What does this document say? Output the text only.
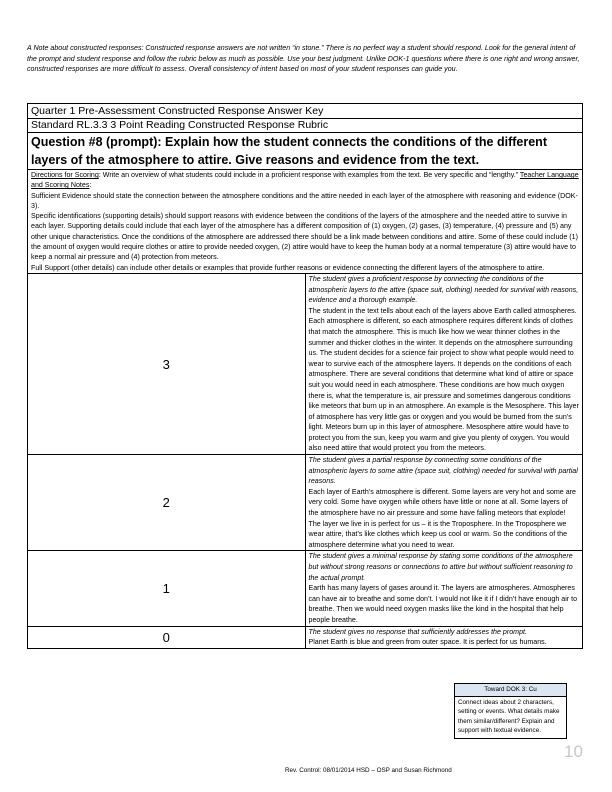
A Note about constructed responses: Constructed response answers are not written “in stone.” There is no perfect way a student should respond. Look for the general intent of the prompt and student response and follow the rubric below as much as possible. Use your best judgment. Unlike DOK-1 questions where there is one right and wrong answer, constructed responses are more difficult to assess. Overall consistency of intent based on most of your student responses can guide you.
Quarter 1 Pre-Assessment Constructed Response Answer Key	
Standard RL.3.3 3 Point Reading Constructed Response Rubric	
Question #8 (prompt): Explain how the student connects the conditions of the different layers of the atmosphere to attire. Give reasons and evidence from the text.	

Directions for Scoring: Write an overview of what students could include in a proficient response with examples from the text. Be very specific and “lengthy.” Teacher Language and Scoring Notes:
Sufficient Evidence should state the connection between the atmosphere conditions and the attire needed in each layer of the atmosphere with reasoning and evidence (DOK-3).
Specific identifications (supporting details) should support reasons with evidence between the conditions of the layers of the atmosphere and the needed attire to survive in each layer. Supporting details could include that each layer of the atmosphere has a different composition of (1) oxygen, (2) gases, (3) temperature, (4) pressure and (5) any other unique characteristics. Once the conditions of the atmosphere are addressed there should be a link made between conditions and attire. Some of these could include (1) the amount of oxygen would require clothes or attire to provide needed oxygen, (2) attire would have to keep the human body at a normal temperature (3) attire would have to keep a normal air pressure and (4) protection from meteors.
Full Support (other details) can include other details or examples that provide further reasons or evidence connecting the different layers of the atmosphere to attire.	

3	The student gives a proficient response by connecting the conditions of the atmospheric layers to the attire (space suit, clothing) needed for survival with reasons, evidence and a thorough example.
The student in the text tells about each of the layers above Earth called atmospheres. Each atmosphere is different, so each atmosphere requires different kinds of clothes that match the atmosphere. This is much like how we wear thinner clothes in the summer and thicker clothes in the winter. It depends on the atmosphere surrounding us. The student decides for a science fair project to show what people would need to wear to survive each of the atmosphere layers. It depends on the conditions of each atmosphere. There are several conditions that determine what kind of attire or space suit you would need in each atmosphere. These conditions are how much oxygen there is, what the temperature is, air pressure and sometimes dangerous conditions like meteors that burn up in an atmosphere. An example is the Mesosphere. This layer of atmosphere has very little gas or oxygen and you would be burned from the sun’s light. Meteors burn up in this layer of atmosphere. Mesosphere attire would have to protect you from the sun, keep you warm and give you plenty of oxygen. You would also need attire that would protect you from the meteors.

2	The student gives a partial response by connecting some conditions of the atmospheric layers to some attire (space suit, clothing) needed for survival with partial reasons.
Each layer of Earth’s atmosphere is different. Some layers are very hot and some are very cold. Some have oxygen while others have little or none at all. Some layers of the atmosphere have no air pressure and some have falling meteors that explode! The layer we live in is perfect for us – it is the Troposphere. In the Troposphere we wear attire, that’s like clothes which keep us cool or warm. So the conditions of the atmosphere determine what you need to wear.

1	The student gives a minimal response by stating some conditions of the atmosphere but without strong reasons or connections to attire but without sufficient reasoning to the actual prompt.
Earth has many layers of gases around it. The layers are atmospheres. Atmospheres can have air to breathe and some don’t. I would not like it if I didn’t have enough air to breathe. Then we would need oxygen masks like the kind in the hospital that help people breathe.

0	The student gives no response that sufficiently addresses the prompt.
Planet Earth is blue and green from outer space. It is perfect for us humans.
Toward DOK 3: Cu
Connect ideas about 2 characters, setting or events. What details make them similar/different? Explain and support with textual evidence.
10
Rev. Control: 08/01/2014 HSD – OSP and Susan Richmond
